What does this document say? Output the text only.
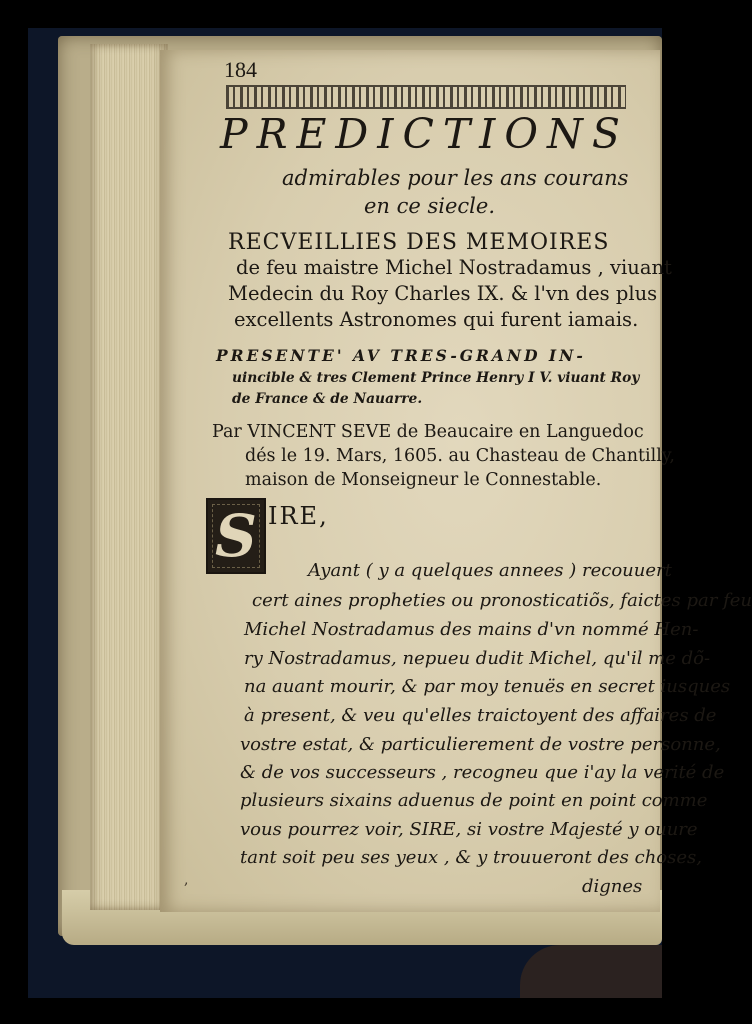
184
PREDICTIONS
admirables pour les ans courans
en ce siecle.
RECVEILLIES DES MEMOIRES
de feu maistre Michel Nostradamus , viuant
Medecin du Roy Charles IX. & l'vn des plus
excellents Astronomes qui furent iamais.
PRESENTE' AV TRES-GRAND IN-
uincible & tres Clement Prince Henry I V. viuant Roy
de France & de Nauarre.
Par VINCENT SEVE de Beaucaire en Languedoc
dés le 19. Mars, 1605. au Chasteau de Chantilly,
maison de Monseigneur le Connestable.
S IRE,
Ayant ( y a quelques annees ) recouuert
cert aines propheties ou pronosticatiõs, faictes par feu
Michel Nostradamus des mains d'vn nommé Hen-
ry Nostradamus, nepueu dudit Michel, qu'il me dõ-
na auant mourir, & par moy tenuës en secret iusques
à present, & veu qu'elles traictoyent des affaires de
vostre estat, & particulierement de vostre personne,
& de vos successeurs , recogneu que i'ay la verité de
plusieurs sixains aduenus de point en point comme
vous pourrez voir, SIRE, si vostre Majesté y ouure
tant soit peu ses yeux , & y trouueront des choses,
dignes
,
